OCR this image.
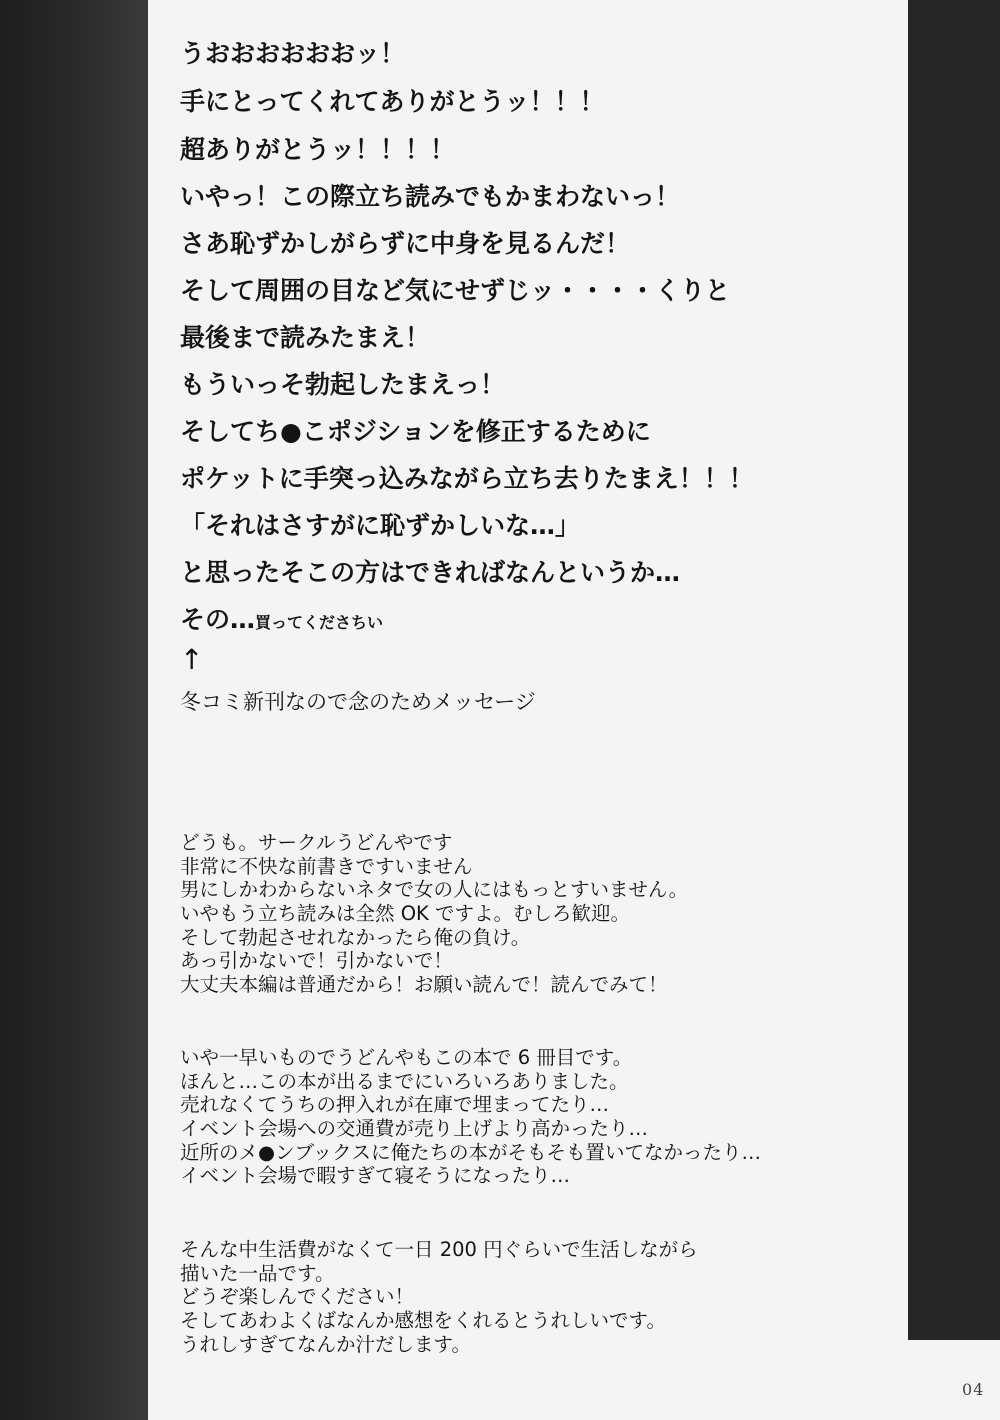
うおおおおおおッ！

手にとってくれてありがとうッ！！！

超ありがとうッ！！！！

いやっ！この際立ち読みでもかまわないっ！

さあ恥ずかしがらずに中身を見るんだ！

そして周囲の目など気にせずじッ・・・・くりと

最後まで読みたまえ！

もういっそ勃起したまえっ！

そしてち●こポジションを修正するために

ポケットに手突っ込みながら立ち去りたまえ！！！

「それはさすがに恥ずかしいな…」

と思ったそこの方はできればなんというか…

その…買ってくださちい

↑

冬コミ新刊なので念のためメッセージ

どうも。サークルうどんやです
非常に不快な前書きですいません
男にしかわからないネタで女の人にはもっとすいません。
いやもう立ち読みは全然 OK ですよ。むしろ歓迎。
そして勃起させれなかったら俺の負け。
あっ引かないで！引かないで！
大丈夫本編は普通だから！お願い読んで！読んでみて！
いや一早いものでうどんやもこの本で 6 冊目です。
ほんと…この本が出るまでにいろいろありました。
売れなくてうちの押入れが在庫で埋まってたり…
イベント会場への交通費が売り上げより高かったり…
近所のメ●ンブックスに俺たちの本がそもそも置いてなかったり…
イベント会場で暇すぎて寝そうになったり…
そんな中生活費がなくて一日 200 円ぐらいで生活しながら
描いた一品です。
どうぞ楽しんでください！
そしてあわよくばなんか感想をくれるとうれしいです。
うれしすぎてなんか汁だします。

04
